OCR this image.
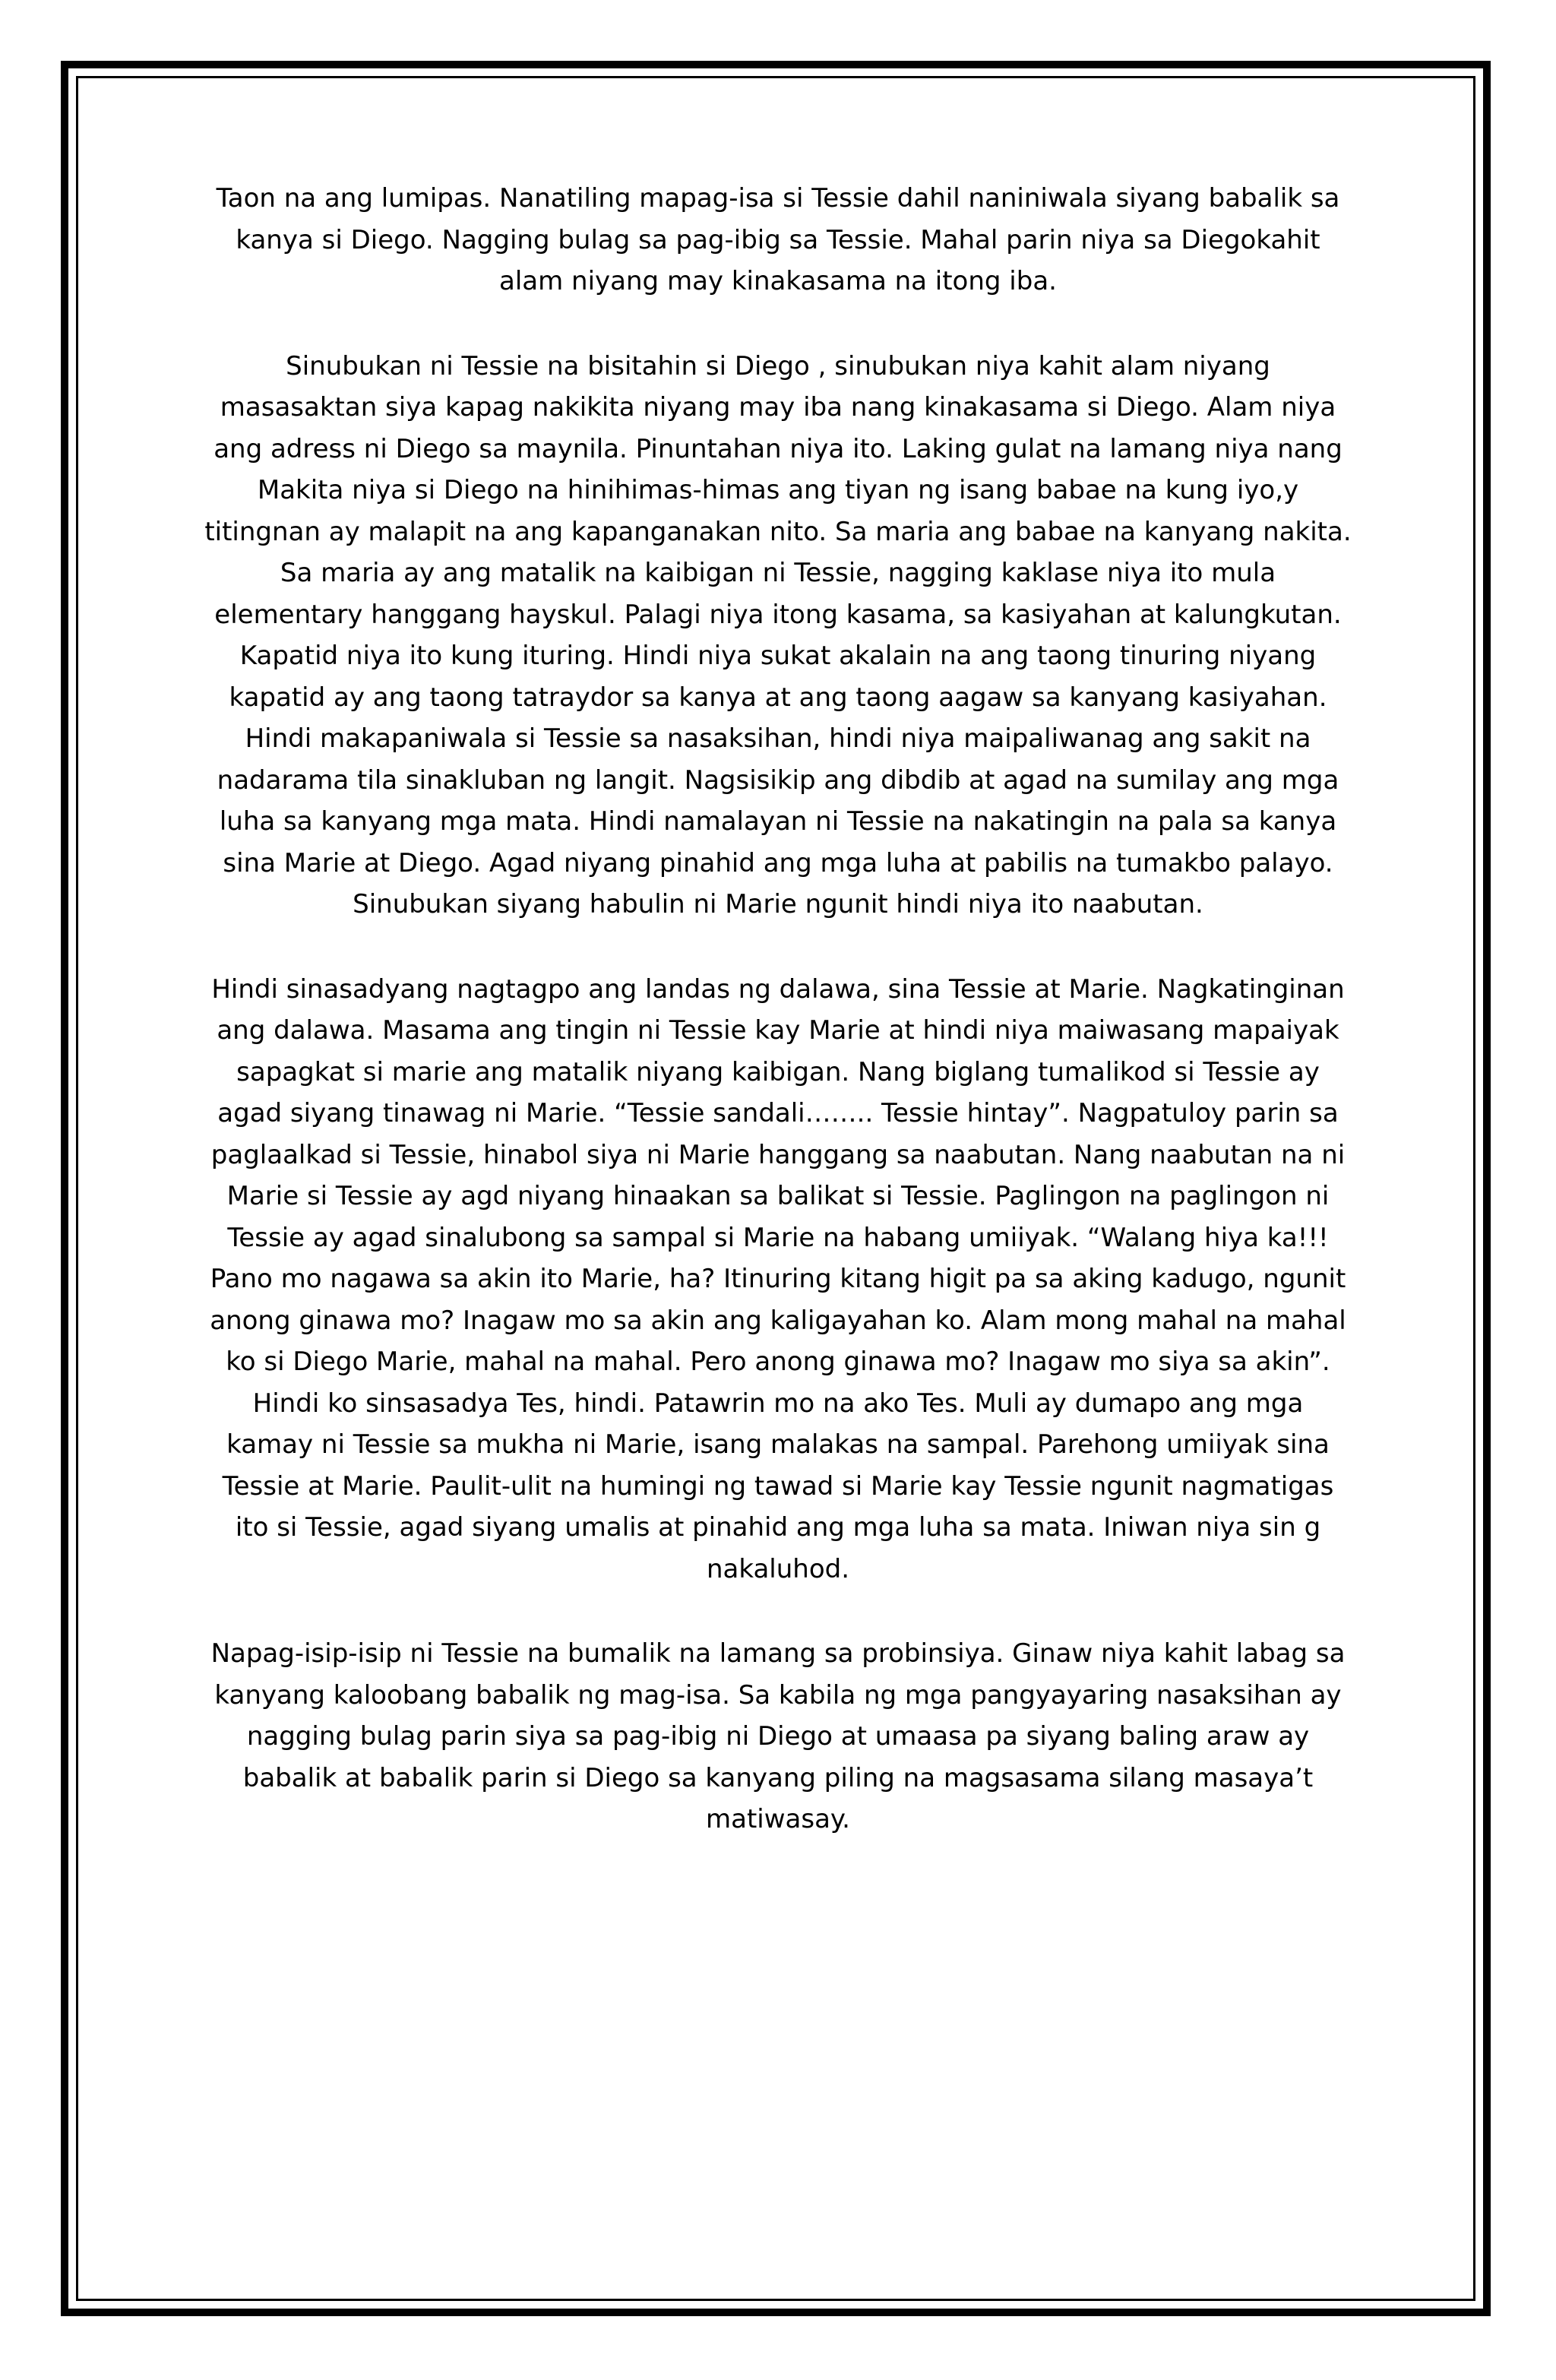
Taon na ang lumipas. Nanatiling mapag-isa si Tessie dahil naniniwala siyang babalik sa
kanya si Diego. Nagging bulag sa pag-ibig sa Tessie. Mahal parin niya sa Diegokahit
alam niyang may kinakasama na itong iba.

Sinubukan ni Tessie na bisitahin si Diego , sinubukan niya kahit alam niyang
masasaktan siya kapag nakikita niyang may iba nang kinakasama si Diego. Alam niya
ang adress ni Diego sa maynila. Pinuntahan niya ito. Laking gulat na lamang niya nang
Makita niya si Diego na hinihimas-himas ang tiyan ng isang babae na kung iyo,y
titingnan ay malapit na ang kapanganakan nito. Sa maria ang babae na kanyang nakita.
Sa maria ay ang matalik na kaibigan ni Tessie, nagging kaklase niya ito mula
elementary hanggang hayskul. Palagi niya itong kasama, sa kasiyahan at kalungkutan.
Kapatid niya ito kung ituring. Hindi niya sukat akalain na ang taong tinuring niyang
kapatid ay ang taong tatraydor sa kanya at ang taong aagaw sa kanyang kasiyahan.
Hindi makapaniwala si Tessie sa nasaksihan, hindi niya maipaliwanag ang sakit na
nadarama tila sinakluban ng langit. Nagsisikip ang dibdib at agad na sumilay ang mga
luha sa kanyang mga mata. Hindi namalayan ni Tessie na nakatingin na pala sa kanya
sina Marie at Diego. Agad niyang pinahid ang mga luha at pabilis na tumakbo palayo.
Sinubukan siyang habulin ni Marie ngunit hindi niya ito naabutan.

Hindi sinasadyang nagtagpo ang landas ng dalawa, sina Tessie at Marie. Nagkatinginan
ang dalawa. Masama ang tingin ni Tessie kay Marie at hindi niya maiwasang mapaiyak
sapagkat si marie ang matalik niyang kaibigan. Nang biglang tumalikod si Tessie ay
agad siyang tinawag ni Marie. “Tessie sandali…….. Tessie hintay”. Nagpatuloy parin sa
paglaalkad si Tessie, hinabol siya ni Marie hanggang sa naabutan. Nang naabutan na ni
Marie si Tessie ay agd niyang hinaakan sa balikat si Tessie. Paglingon na paglingon ni
Tessie ay agad sinalubong sa sampal si Marie na habang umiiyak. “Walang hiya ka!!!
Pano mo nagawa sa akin ito Marie, ha? Itinuring kitang higit pa sa aking kadugo, ngunit
anong ginawa mo? Inagaw mo sa akin ang kaligayahan ko. Alam mong mahal na mahal
ko si Diego Marie, mahal na mahal. Pero anong ginawa mo? Inagaw mo siya sa akin”.
Hindi ko sinsasadya Tes, hindi. Patawrin mo na ako Tes. Muli ay dumapo ang mga
kamay ni Tessie sa mukha ni Marie, isang malakas na sampal. Parehong umiiyak sina
Tessie at Marie. Paulit-ulit na humingi ng tawad si Marie kay Tessie ngunit nagmatigas
ito si Tessie, agad siyang umalis at pinahid ang mga luha sa mata. Iniwan niya sin g
nakaluhod.

Napag-isip-isip ni Tessie na bumalik na lamang sa probinsiya. Ginaw niya kahit labag sa
kanyang kaloobang babalik ng mag-isa. Sa kabila ng mga pangyayaring nasaksihan ay
nagging bulag parin siya sa pag-ibig ni Diego at umaasa pa siyang baling araw ay
babalik at babalik parin si Diego sa kanyang piling na magsasama silang masaya’t
matiwasay.
